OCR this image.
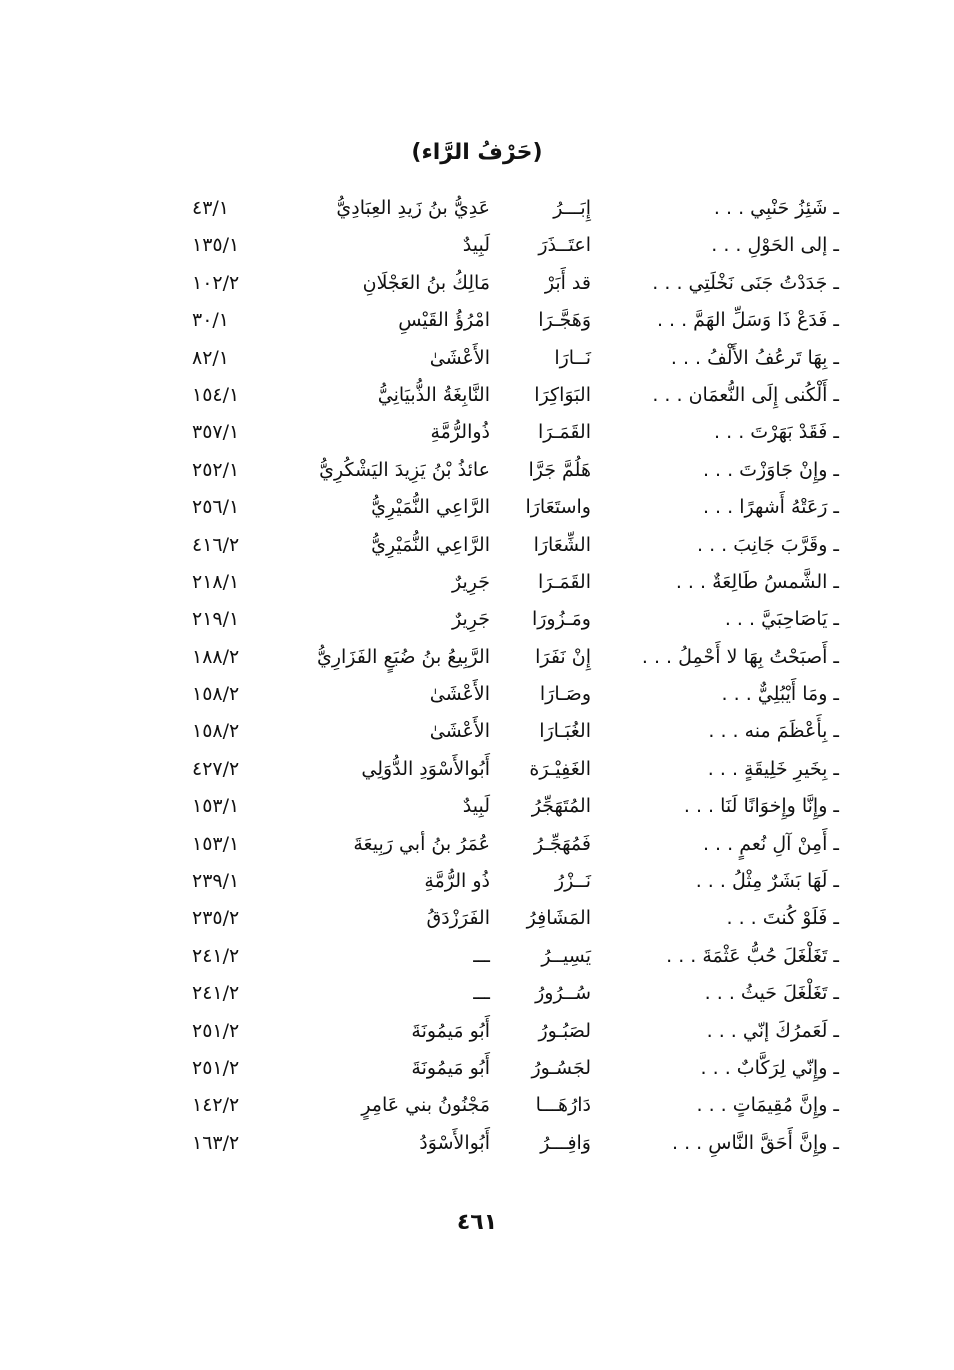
(حَرْفُ الرَّاء)
ـ شَئِزُ حَنْبِي . . .
إِبَـــرُ
عَدِيُّ بنُ زَيدِ العِبَادِيُّ
٤٣/١
ـ إلى الحَوْلِ . . .
اعتَــذَرَ
لَبِيدٌ
١٣٥/١
ـ جَدَدْتُ جَنَى نَخْلَتِي . . .
قد أَبَرْ
مَالِكُ بنُ العَجْلَانِ
١٠٢/٢
ـ فَدَعْ ذَا وَسَلِّ الهَمَّ . . .
وَهَجَّـرَا
امْرُؤُ القَيْسِ
٣٠/١
ـ بِهَا تَرعُفُ الأَلْفُ . . .
نَــارَا
الأَعْشَىٰ
٨٢/١
ـ أَلْكُنى إِلَى النُّعمَان . . .
البَوَاكِرَا
النَّابِغَةُ الذُّبيَانِيُّ
١٥٤/١
ـ فَقَدْ بَهَرْتَ . . .
القَمَـرَا
ذُوالرُّمَّةِ
٣٥٧/١
ـ وإِنْ جَاوَزْتَ . . .
هَلُمَّ جَرَّا
عائذُ بْنُ يَزِيدَ اليَشْكُرِيُّ
٢٥٢/١
ـ رَعَتْهُ أَشهرًا . . .
واستَعَارَا
الرَّاعِي النُّمَيْرِيُّ
٢٥٦/١
ـ وقَرَّبَ جَانِبَ . . .
الشِّعَارَا
الرَّاعِي النُّمَيْرِيُّ
٤١٦/٢
ـ الشَّمسُ طَالِعَةٌ . . .
القَمَـرَا
جَرِيرٌ
٢١٨/١
ـ يَاصَاحِبَيَّ . . .
ومَـزُورَا
جَرِيرٌ
٢١٩/١
ـ أَصبَحْتُ بِهَا لا أَحْمِلُ . . .
إِنْ نَفَرَا
الرَّبِيعُ بنُ ضُبَعٍ الفَزَارِيُّ
١٨٨/٢
ـ ومَا أَيْبُلِيٌّ . . .
وصَـارَا
الأَعْشَىٰ
١٥٨/٢
ـ بِأَعْظَمَ منه . . .
الغُبَـارَا
الأَعْشَىٰ
١٥٨/٢
ـ بِخَيرِ خَلِيقَةٍ . . .
الغَفِيْـرَة
أَبُوالأَسْوَدِ الدُّوَلِي
٤٢٧/٢
ـ وإِنَّا وإِخوَانًا لَنَا . . .
المُتَهَجِّرُ
لَبِيدٌ
١٥٣/١
ـ أَمِنْ آلِ نُعمٍ . . .
فَمُهَجِّـرُ
عُمَرُ بنُ أبي رَبِيعَةَ
١٥٣/١
ـ لَهَا بَشَرٌ مِثْلُ . . .
نَــزْرُ
ذُو الرُّمَّةِ
٢٣٩/١
ـ فَلَوْ كُنتَ . . .
المَشَافِرُ
الفَرَزْدَقُ
٢٣٥/٢
ـ تَغَلْغَلَ حُبُّ عَثْمَةَ . . .
يَسِيــرُ
ـــ
٢٤١/٢
ـ تَغَلْغَلَ حَيثُ . . .
سُــرُورُ
ـــ
٢٤١/٢
ـ لَعَمرُكَ إنّي . . .
لصَبُـورُ
أَبُو مَيمُونَةَ
٢٥١/٢
ـ وإِنّي لِرَكَّابٌ . . .
لجَسُـورُ
أَبُو مَيمُونَةَ
٢٥١/٢
ـ وإِنَّ مُقِيمَاتٍ . . .
دَارُهَـــا
مَجْنُونُ بني عَامِرٍ
١٤٢/٢
ـ وإِنَّ أَحَقَّ النَّاسِ . . .
وَافِـــرُ
أَبُوالأَسْوَدُ
١٦٣/٢
٤٦١
